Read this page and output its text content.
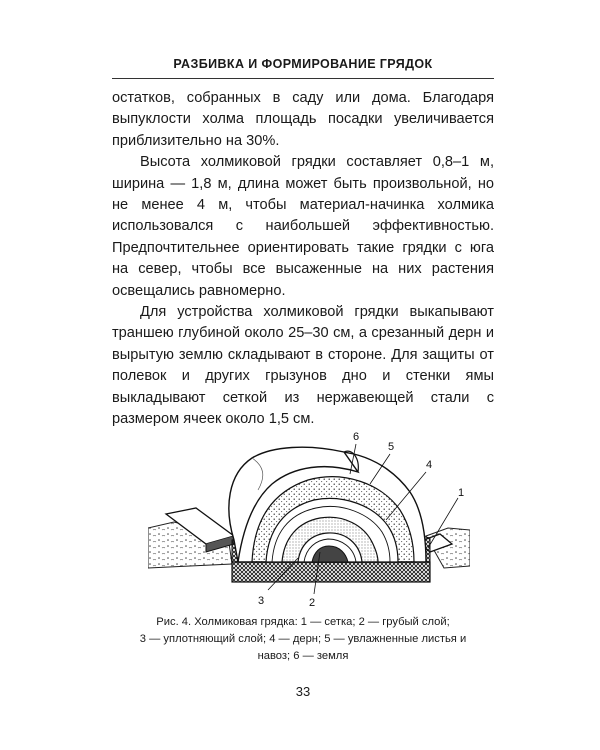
РАЗБИВКА И ФОРМИРОВАНИЕ ГРЯДОК

остатков, собранных в саду или дома. Благодаря выпуклости холма площадь посадки увеличивается приблизительно на 30%.

Высота холмиковой грядки составляет 0,8–1 м, ширина — 1,8 м, длина может быть произвольной, но не менее 4 м, чтобы материал-начинка холмика использовался с наибольшей эффективностью. Предпочтительнее ориентировать такие грядки с юга на север, чтобы все высаженные на них растения освещались равномерно.

Для устройства холмиковой грядки выкапывают траншею глубиной около 25–30 см, а срезанный дерн и вырытую землю складывают в стороне. Для защиты от полевок и других грызунов дно и стенки ямы выкладывают сеткой из нержавеющей стали с размером ячеек около 1,5 см.

6
5
4
1
3	2
Рис. 4. Холмиковая грядка: 1 — сетка; 2 — грубый слой;
3 — уплотняющий слой; 4 — дерн; 5 — увлажненные листья и
навоз; 6 — земля
33
